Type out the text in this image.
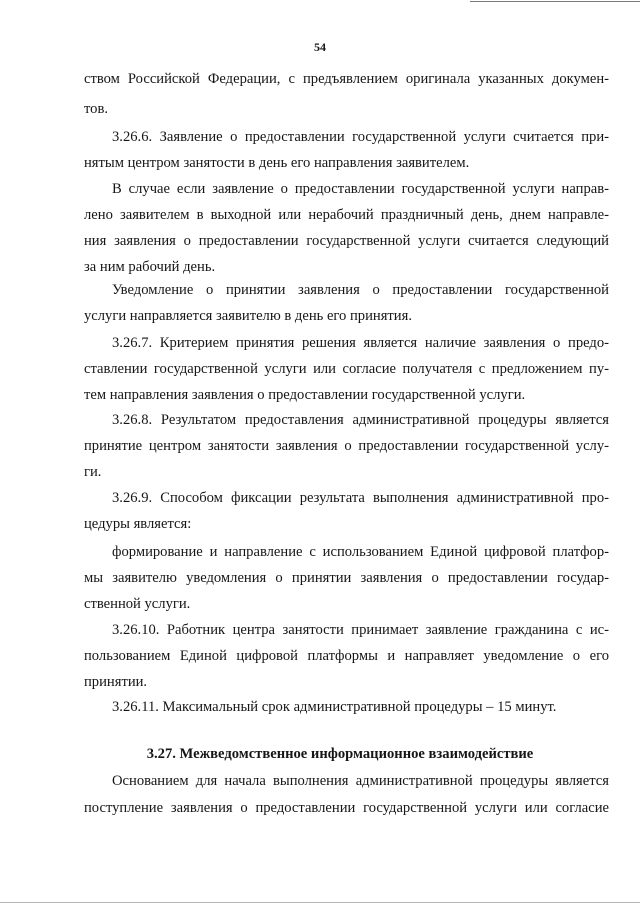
54
ством Российской Федерации, с предъявлением оригинала указанных докумен-
тов.
3.26.6. Заявление о предоставлении государственной услуги считается при-
нятым центром занятости в день его направления заявителем.
В случае если заявление о предоставлении государственной услуги направ-
лено заявителем в выходной или нерабочий праздничный день, днем направле-
ния заявления о предоставлении государственной услуги считается следующий
за ним рабочий день.
Уведомление о принятии заявления о предоставлении государственной
услуги направляется заявителю в день его принятия.
3.26.7. Критерием принятия решения является наличие заявления о предо-
ставлении государственной услуги или согласие получателя с предложением пу-
тем направления заявления о предоставлении государственной услуги.
3.26.8. Результатом предоставления административной процедуры является
принятие центром занятости заявления о предоставлении государственной услу-
ги.
3.26.9. Способом фиксации результата выполнения административной про-
цедуры является:
формирование и направление с использованием Единой цифровой платфор-
мы заявителю уведомления о принятии заявления о предоставлении государ-
ственной услуги.
3.26.10. Работник центра занятости принимает заявление гражданина с ис-
пользованием Единой цифровой платформы и направляет уведомление о его
принятии.
3.26.11. Максимальный срок административной процедуры – 15 минут.
3.27. Межведомственное информационное взаимодействие
Основанием для начала выполнения административной процедуры является
поступление заявления о предоставлении государственной услуги или согласие
